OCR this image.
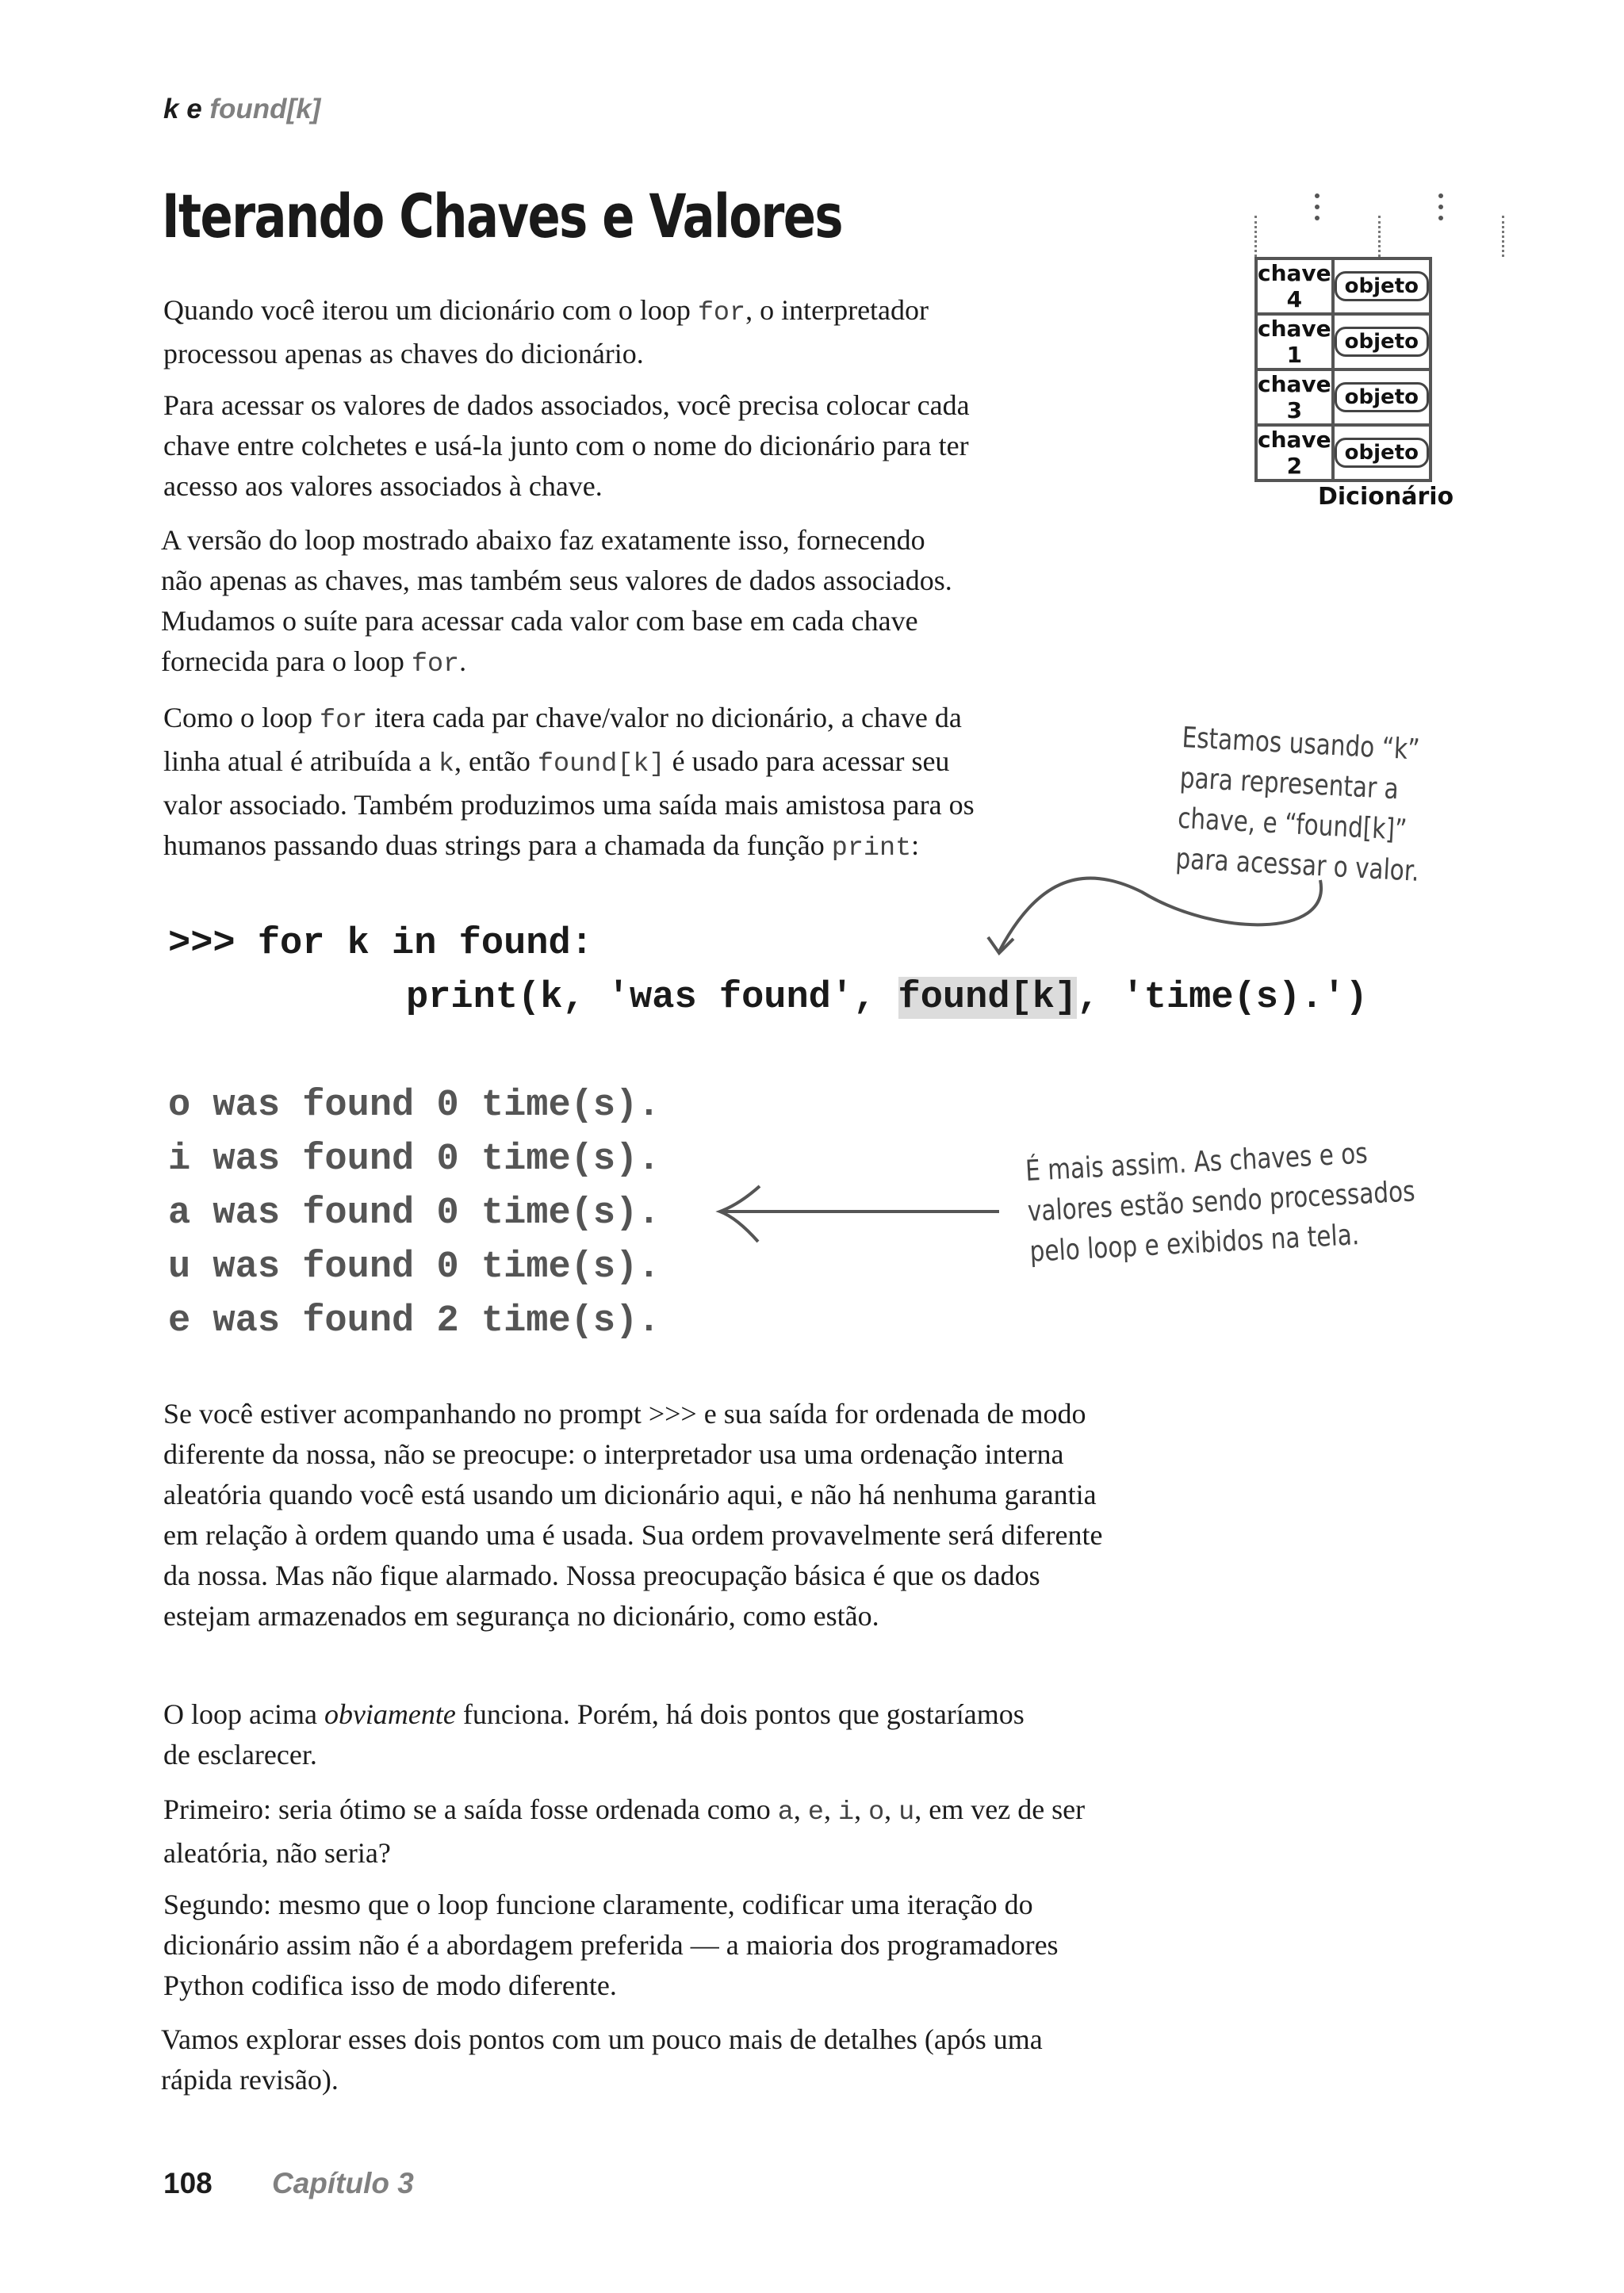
k e found[k]
Iterando Chaves e Valores
Quando você iterou um dicionário com o loop for, o interpretador processou apenas as chaves do dicionário.
Para acessar os valores de dados associados, você precisa colocar cada chave entre colchetes e usá-la junto com o nome do dicionário para ter acesso aos valores associados à chave.
A versão do loop mostrado abaixo faz exatamente isso, fornecendo não apenas as chaves, mas também seus valores de dados associados. Mudamos o suíte para acessar cada valor com base em cada chave fornecida para o loop for.
Como o loop for itera cada par chave/valor no dicionário, a chave da linha atual é atribuída a k, então found[k] é usado para acessar seu valor associado. Também produzimos uma saída mais amistosa para os humanos passando duas strings para a chamada da função print:
chave 4	objeto
chave 1	objeto
chave 3	objeto
chave 2	objeto
Dicionário
Estamos usando “k”
para representar a
chave, e “found[k]”
para acessar o valor.
>>> for k in found:
print(k, 'was found', found[k], 'time(s).')
o was found 0 time(s).
i was found 0 time(s).
a was found 0 time(s).
u was found 0 time(s).
e was found 2 time(s).
É mais assim. As chaves e os
valores estão sendo processados
pelo loop e exibidos na tela.
Se você estiver acompanhando no prompt >>> e sua saída for ordenada de modo diferente da nossa, não se preocupe: o interpretador usa uma ordenação interna aleatória quando você está usando um dicionário aqui, e não há nenhuma garantia em relação à ordem quando uma é usada. Sua ordem provavelmente será diferente da nossa. Mas não fique alarmado. Nossa preocupação básica é que os dados estejam armazenados em segurança no dicionário, como estão.
O loop acima obviamente funciona. Porém, há dois pontos que gostaríamos de esclarecer.
Primeiro: seria ótimo se a saída fosse ordenada como a, e, i, o, u, em vez de ser aleatória, não seria?
Segundo: mesmo que o loop funcione claramente, codificar uma iteração do dicionário assim não é a abordagem preferida — a maioria dos programadores Python codifica isso de modo diferente.
Vamos explorar esses dois pontos com um pouco mais de detalhes (após uma rápida revisão).
108 Capítulo 3
